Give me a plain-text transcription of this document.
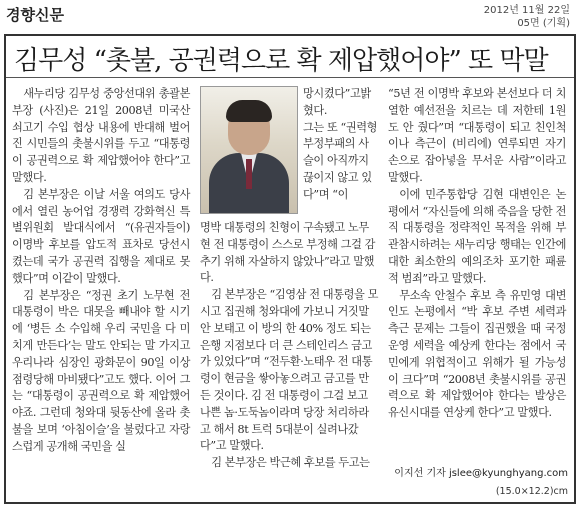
경향신문	2012년 11월 22일
05면 (기획)
김무성 “촛불, 공권력으로 확 제압했어야” 또 막말

새누리당 김무성 중앙선대위 총괄본부장 (사진)은 21일 2008년 미국산 쇠고기 수입 협상 내용에 반대해 벌어진 시민들의 촛불시위를 두고 “대통령이 공권력으로 확 제압했어야 한다”고 말했다.

김 본부장은 이날 서울 여의도 당사에서 열린 농어업 경쟁력 강화혁신 특별위원회 발대식에서 “(유권자들이) 이명박 후보를 압도적 표차로 당선시켰는데 국가 공권력 집행을 제대로 못했다”며 이같이 말했다.

김 본부장은 “정권 초기 노무현 전 대통령이 박은 대못을 빼내야 할 시기에 ‘병든 소 수입해 우리 국민을 다 미치게 만든다’는 말도 안되는 말 가지고 우리나라 심장인 광화문이 90일 이상 점령당해 마비됐다”고도 했다. 이어 그는 “대통령이 공권력으로 확 제압했어야죠. 그런데 청와대 뒷동산에 올라 촛불을 보며 ‘아침이슬’을 불렀다고 자랑스럽게 공개해 국민을 실

망시켰다”고밝혔다.
그는 또 “권력형 부정부패의 사슬이 아직까지 끊이지 않고 있다”며 “이

명박 대통령의 친형이 구속됐고 노무현 전 대통령이 스스로 부정해 그걸 감추기 위해 자살하지 않았나”라고 말했다.

김 본부장은 “김영삼 전 대통령을 모시고 집권해 청와대에 가보니 거짓말 안 보태고 이 방의 한 40% 정도 되는 은행 지점보다 더 큰 스테인리스 금고가 있었다”며 “전두환·노태우 전 대통령이 현금을 쌓아놓으려고 금고를 만든 것이다. 김 전 대통령이 그걸 보고 나쁜 놈·도둑놈이라며 당장 처리하라고 해서 8t 트럭 5대분이 실려나갔다”고 말했다.

김 본부장은 박근혜 후보를 두고는

“5년 전 이명박 후보와 본선보다 더 치열한 예선전을 치르는 데 저한테 1원도 안 줬다”며 “대통령이 되고 친인척이나 측근이 (비리에) 연루되면 자기 손으로 잡아넣을 무서운 사람”이라고 말했다.

이에 민주통합당 김현 대변인은 논평에서 “자신들에 의해 죽음을 당한 전직 대통령을 정략적인 목적을 위해 부관참시하려는 새누리당 행태는 인간에 대한 최소한의 예의조차 포기한 패륜적 범죄”라고 말했다.

무소속 안철수 후보 측 유민영 대변인도 논평에서 “박 후보 주변 세력과 측근 문제는 그들이 집권했을 때 국정 운영 세력을 예상케 한다는 점에서 국민에게 위협적이고 위해가 될 가능성이 크다”며 “2008년 촛불시위를 공권력으로 확 제압했어야 한다는 발상은 유신시대를 연상케 한다”고 말했다.

이지선 기자 jslee@kyunghyang.com
(15.0×12.2)cm
